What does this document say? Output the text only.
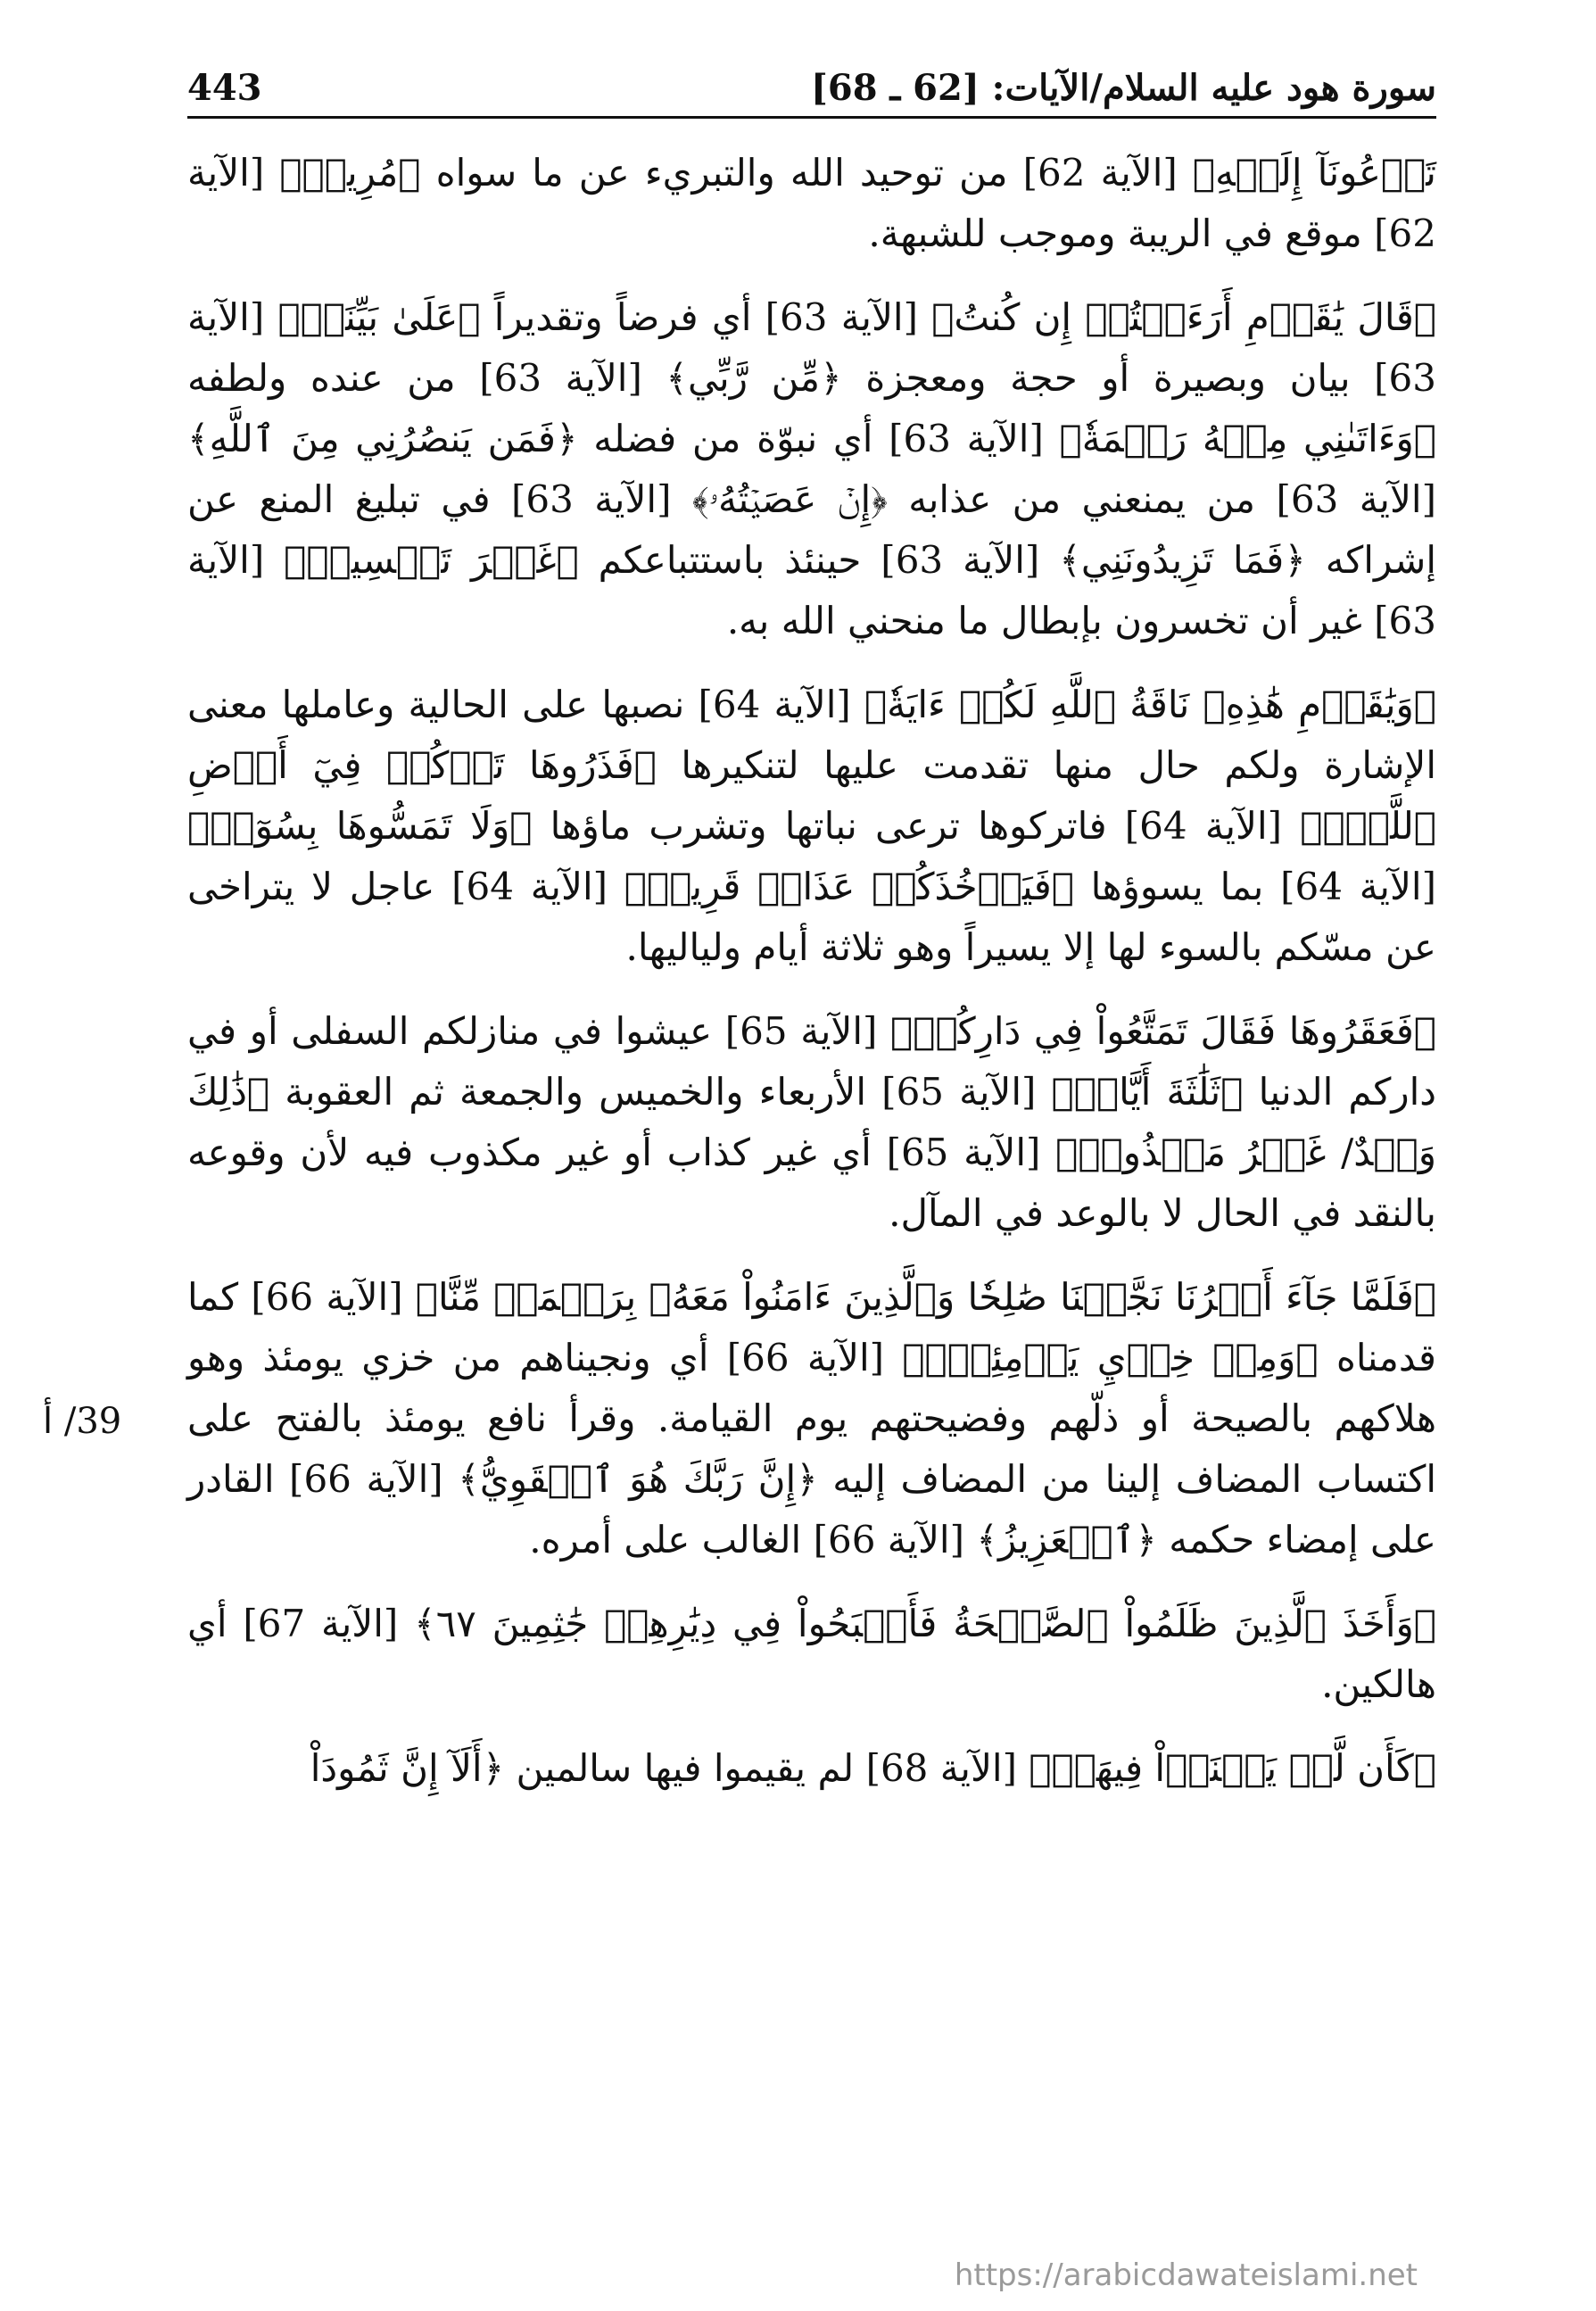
443	سورة هود عليه السلام/الآيات: [62 ـ 68]

تَدۡعُونَآ إِلَيۡهِ﴾ [الآية 62] من توحيد الله والتبريء عن ما سواه ﴿مُرِيبٖ﴾ [الآية 62] موقع في الريبة وموجب للشبهة.

﴿قَالَ يَٰقَوۡمِ أَرَءَيۡتُمۡ إِن كُنتُ﴾ [الآية 63] أي فرضاً وتقديراً ﴿عَلَىٰ بَيِّنَةٖ﴾ [الآية 63] بيان وبصيرة أو حجة ومعجزة ﴿مِّن رَّبِّي﴾ [الآية 63] من عنده ولطفه ﴿وَءَاتَىٰنِي مِنۡهُ رَحۡمَةٗ﴾ [الآية 63] أي نبوّة من فضله ﴿فَمَن يَنصُرُنِي مِنَ ٱللَّهِ﴾ [الآية 63] من يمنعني من عذابه ﴿إِنۡ عَصَيۡتُهُۥ﴾ [الآية 63] في تبليغ المنع عن إشراكه ﴿فَمَا تَزِيدُونَنِي﴾ [الآية 63] حينئذ باستتباعكم ﴿غَيۡرَ تَخۡسِيرٖ﴾ [الآية 63] غير أن تخسرون بإبطال ما منحني الله به.

﴿وَيَٰقَوۡمِ هَٰذِهِۦ نَاقَةُ ٱللَّهِ لَكُمۡ ءَايَةٗ﴾ [الآية 64] نصبها على الحالية وعاملها معنى الإشارة ولكم حال منها تقدمت عليها لتنكيرها ﴿فَذَرُوهَا تَأۡكُلۡ فِيٓ أَرۡضِ ٱللَّهِۖ﴾ [الآية 64] فاتركوها ترعى نباتها وتشرب ماؤها ﴿وَلَا تَمَسُّوهَا بِسُوٓءٖ﴾ [الآية 64] بما يسوؤها ﴿فَيَأۡخُذَكُمۡ عَذَابٞ قَرِيبٞ﴾ [الآية 64] عاجل لا يتراخى عن مسّكم بالسوء لها إلا يسيراً وهو ثلاثة أيام ولياليها.

﴿فَعَقَرُوهَا فَقَالَ تَمَتَّعُواْ فِي دَارِكُمۡ﴾ [الآية 65] عيشوا في منازلكم السفلى أو في داركم الدنيا ﴿ثَلَٰثَةَ أَيَّامٖ﴾ [الآية 65] الأربعاء والخميس والجمعة ثم العقوبة ﴿ذَٰلِكَ وَعۡدٌ/ غَيۡرُ مَكۡذُوبٖ﴾ [الآية 65] أي غير كذاب أو غير مكذوب فيه لأن وقوعه بالنقد في الحال لا بالوعد في المآل.

﴿فَلَمَّا جَآءَ أَمۡرُنَا نَجَّيۡنَا صَٰلِحٗا وَٱلَّذِينَ ءَامَنُواْ مَعَهُۥ بِرَحۡمَةٖ مِّنَّا﴾ [الآية 66] كما قدمناه ﴿وَمِنۡ خِزۡيِ يَوۡمِئِذٍۚ﴾ [الآية 66] أي ونجيناهم من خزي يومئذ وهو هلاكهم بالصيحة أو ذلّهم وفضيحتهم يوم القيامة. وقرأ نافع يومئذ بالفتح على اكتساب المضاف إلينا من المضاف إليه ﴿إِنَّ رَبَّكَ هُوَ ٱلۡقَوِيُّ﴾ [الآية 66] القادر على إمضاء حكمه ﴿ٱلۡعَزِيزُ﴾ [الآية 66] الغالب على أمره.

﴿وَأَخَذَ ٱلَّذِينَ ظَلَمُواْ ٱلصَّيۡحَةُ فَأَصۡبَحُواْ فِي دِيَٰرِهِمۡ جَٰثِمِينَ ٦٧﴾ [الآية 67] أي هالكين.

﴿كَأَن لَّمۡ يَغۡنَوۡاْ فِيهَآۗ﴾ [الآية 68] لم يقيموا فيها سالمين ﴿أَلَآ إِنَّ ثَمُودَاْ

39/ أ
https://arabicdawateislami.net
